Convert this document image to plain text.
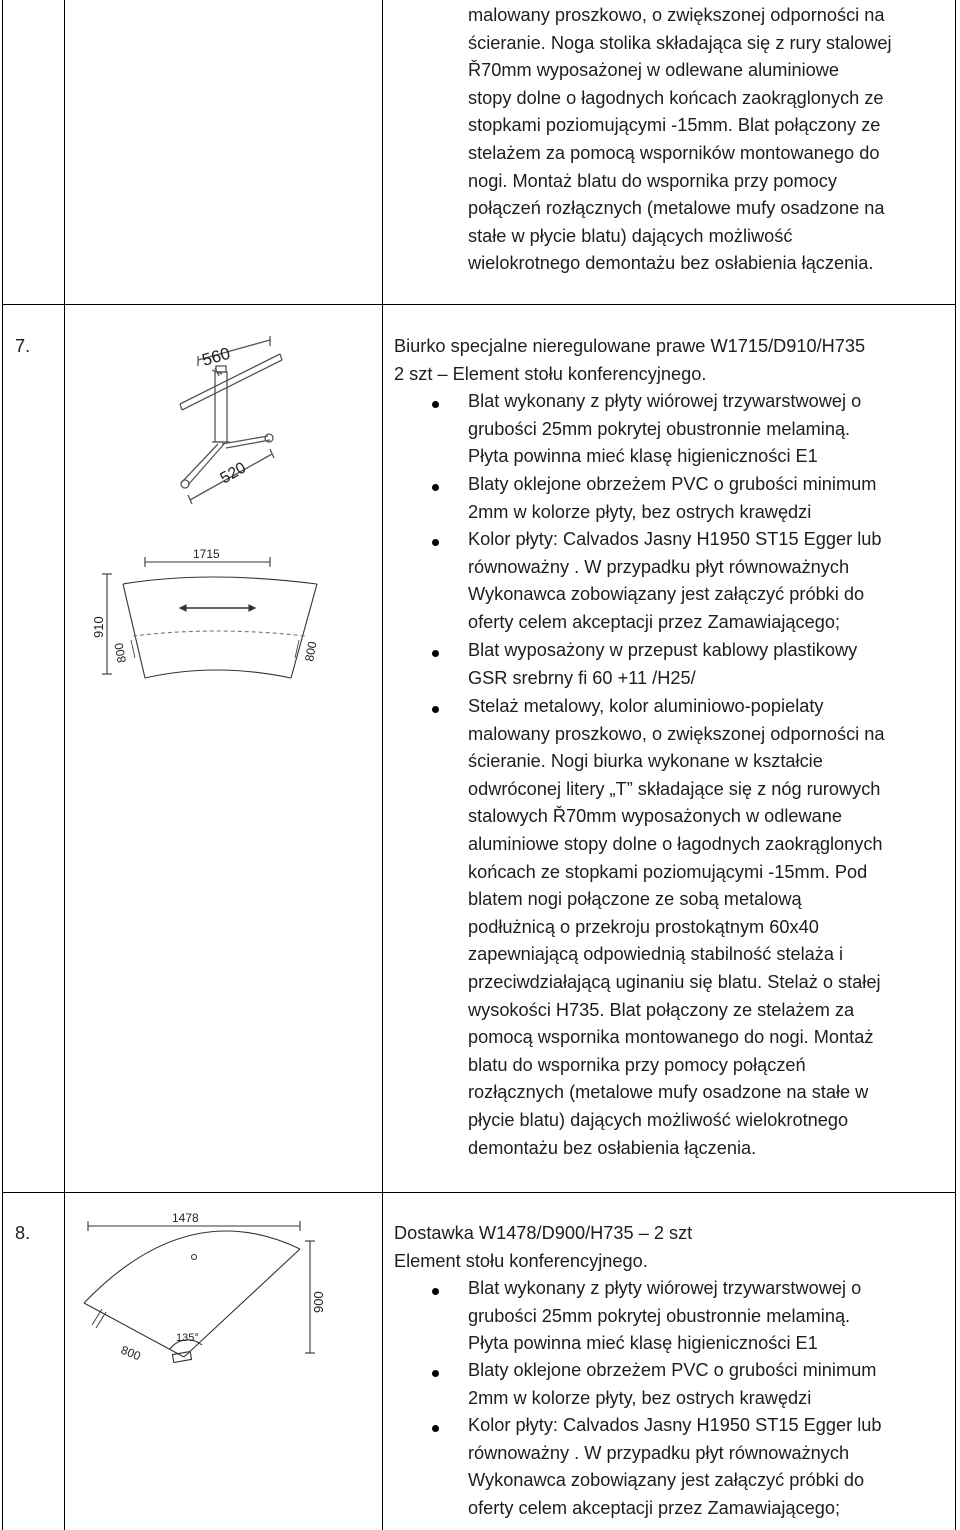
malowany proszkowo, o zwiększonej odporności na
ścieranie. Noga stolika składająca się z rury stalowej
Ř70mm wyposażonej w odlewane aluminiowe
stopy dolne o łagodnych końcach zaokrąglonych ze
stopkami poziomującymi -15mm. Blat połączony ze
stelażem za pomocą wsporników montowanego do
nogi. Montaż blatu do wspornika przy pomocy
połączeń rozłącznych (metalowe mufy osadzone na
stałe w płycie blatu) dających możliwość
wielokrotnego demontażu bez osłabienia łączenia.
7.	560
520
1715
910
800	800
Biurko specjalne nieregulowane prawe W1715/D910/H735
2 szt – Element stołu konferencyjnego.
Blat wykonany z płyty wiórowej trzywarstwowej o
grubości 25mm pokrytej obustronnie melaminą.
Płyta powinna mieć klasę higieniczności E1
Blaty oklejone obrzeżem PVC o grubości minimum
2mm w kolorze płyty, bez ostrych krawędzi
Kolor płyty: Calvados Jasny H1950 ST15 Egger lub
równoważny . W przypadku płyt równoważnych
Wykonawca zobowiązany jest załączyć próbki do
oferty celem akceptacji przez Zamawiającego;
Blat wyposażony w przepust kablowy plastikowy
GSR srebrny fi 60 +11 /H25/
Stelaż metalowy, kolor aluminiowo-popielaty
malowany proszkowo, o zwiększonej odporności na
ścieranie. Nogi biurka wykonane w kształcie
odwróconej litery „T” składające się z nóg rurowych
stalowych Ř70mm wyposażonych w odlewane
aluminiowe stopy dolne o łagodnych zaokrąglonych
końcach ze stopkami poziomującymi -15mm. Pod
blatem nogi połączone ze sobą metalową
podłużnicą o przekroju prostokątnym 60x40
zapewniającą odpowiednią stabilność stelaża i
przeciwdziałającą uginaniu się blatu. Stelaż o stałej
wysokości H735. Blat połączony ze stelażem za
pomocą wspornika montowanego do nogi. Montaż
blatu do wspornika przy pomocy połączeń
rozłącznych (metalowe mufy osadzone na stałe w
płycie blatu) dających możliwość wielokrotnego
demontażu bez osłabienia łączenia.
8.
1478
900
800
135°
Dostawka W1478/D900/H735 – 2 szt
Element stołu konferencyjnego.
Blat wykonany z płyty wiórowej trzywarstwowej o
grubości 25mm pokrytej obustronnie melaminą.
Płyta powinna mieć klasę higieniczności E1
Blaty oklejone obrzeżem PVC o grubości minimum
2mm w kolorze płyty, bez ostrych krawędzi
Kolor płyty: Calvados Jasny H1950 ST15 Egger lub
równoważny . W przypadku płyt równoważnych
Wykonawca zobowiązany jest załączyć próbki do
oferty celem akceptacji przez Zamawiającego;
